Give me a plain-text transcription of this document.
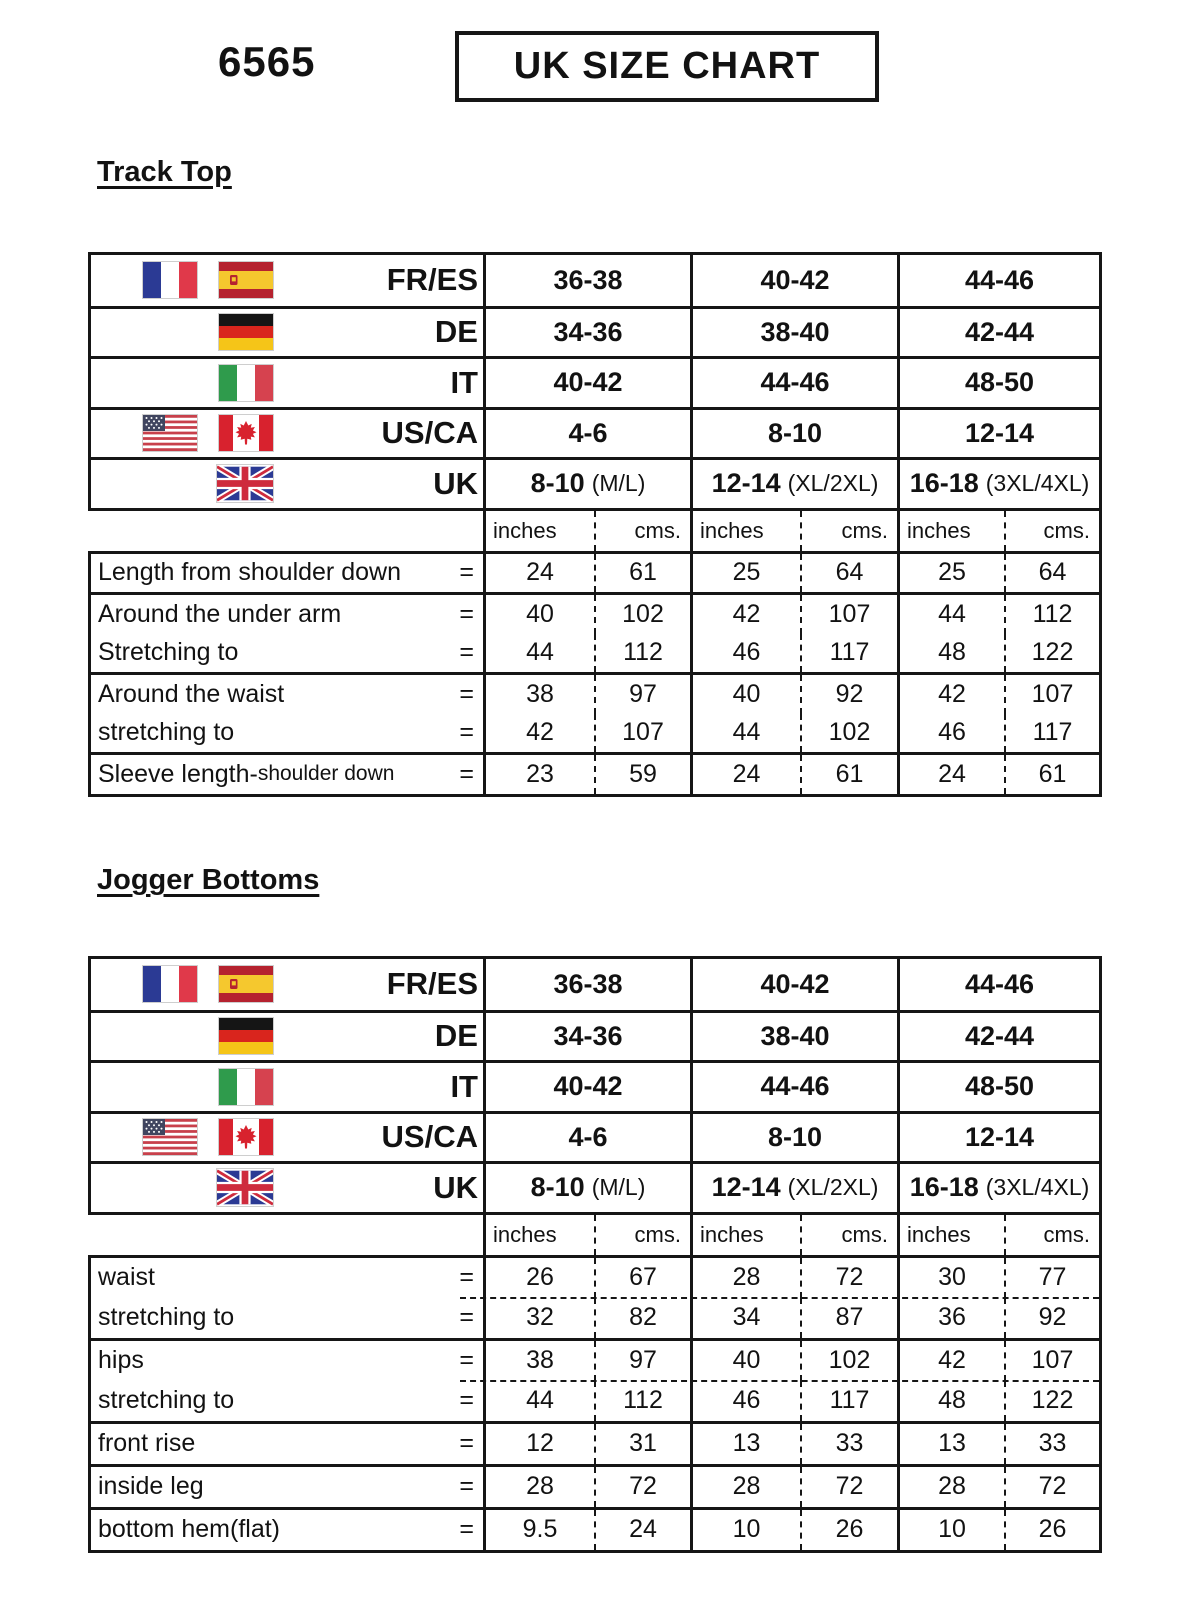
6565	UK SIZE CHART
Track Top
FR/ES	36-38	40-42	44-46
DE	34-36	38-40	42-44
IT	40-42	44-46	48-50
US/CA	4-6	8-10	12-14
UK 8-10 (M/L) 12-14 (XL/2XL) 16-18 (3XL/4XL)
inches	cms. inches	cms. inches	cms.
Length from shoulder down =	24	61	25	64	25	64
Around the under arm	=	40	102	42	107	44	112
Stretching to	=	44	112	46	117	48	122
Around the waist	=	38	97	40	92	42	107
stretching to	=	42	107	44	102	46	117
Sleeve length- shoulder down	=	23	59	24	61	24	61
Jogger Bottoms
FR/ES	36-38	40-42	44-46
DE	34-36	38-40	42-44
IT	40-42	44-46	48-50
US/CA	4-6	8-10	12-14
UK 8-10 (M/L) 12-14 (XL/2XL) 16-18 (3XL/4XL)
inches	cms. inches	cms. inches	cms.
waist	=	26	67	28	72	30	77
stretching to	=	32	82	34	87	36	92
hips	=	38	97	40	102	42	107
stretching to	=	44	112	46	117	48	122
front rise	=	12	31	13	33	13	33
inside leg	=	28	72	28	72	28	72
bottom hem(flat)	=	9.5	24	10	26	10	26
